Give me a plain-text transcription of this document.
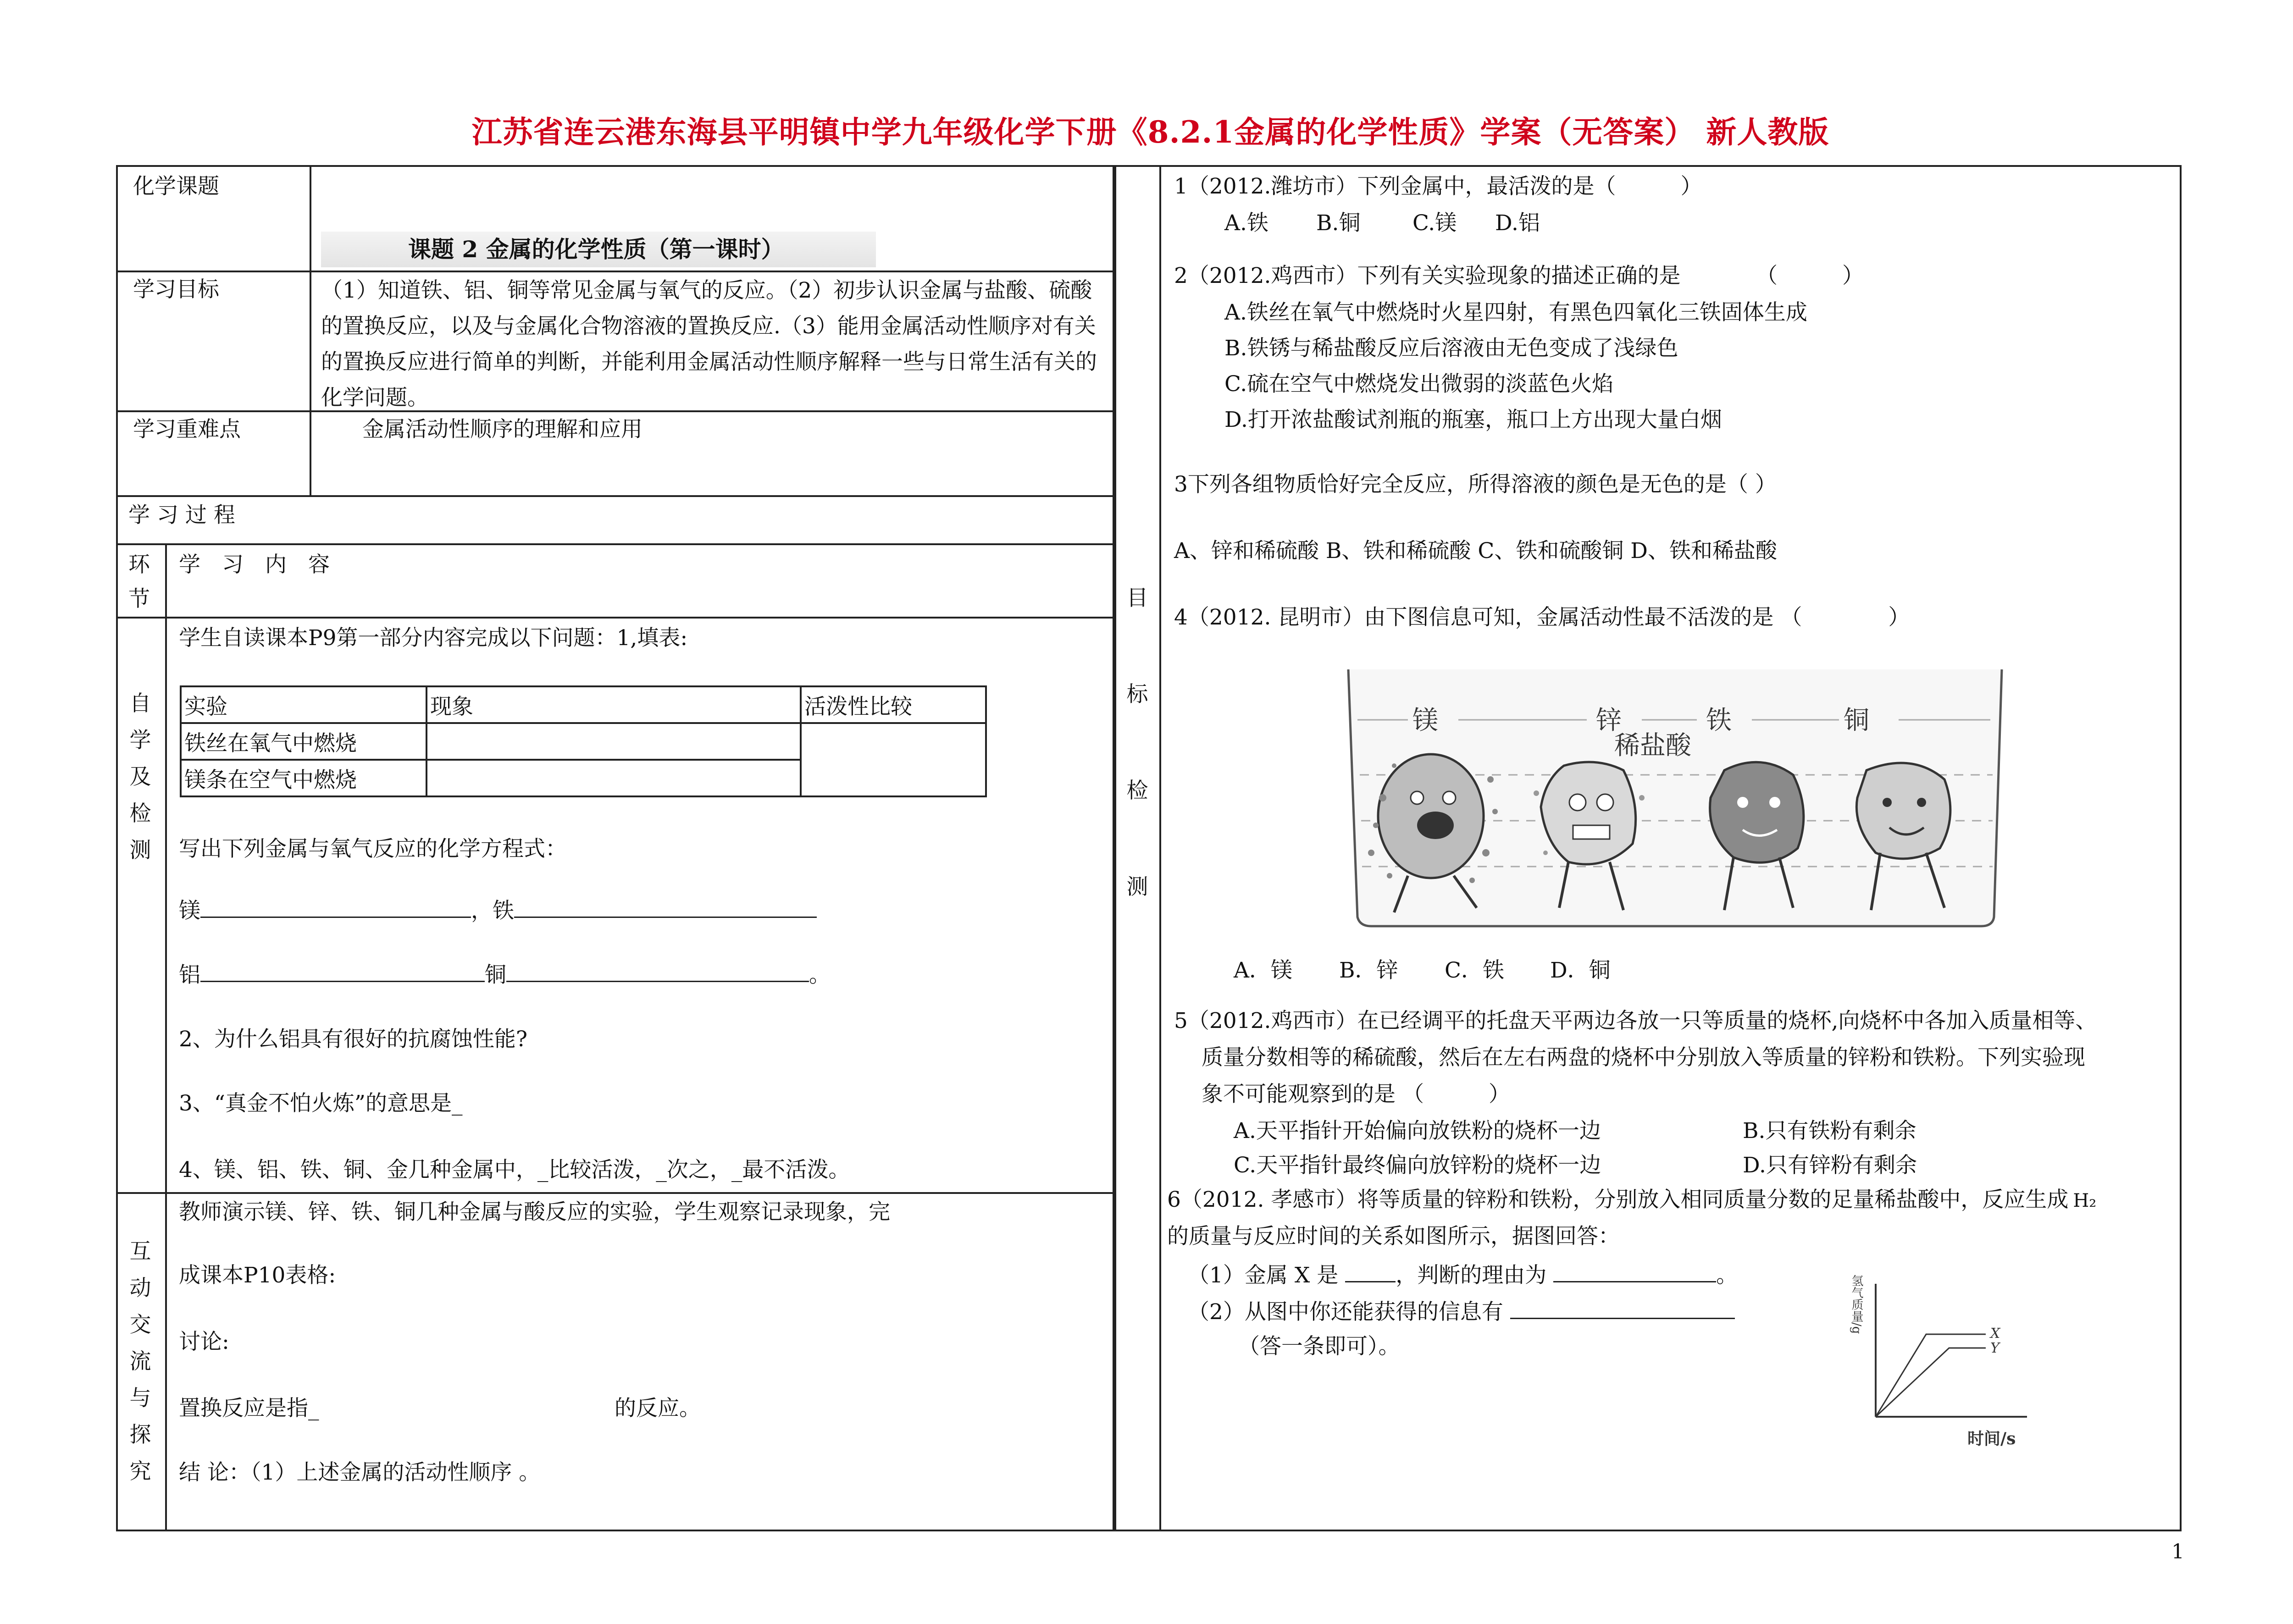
江苏省连云港东海县平明镇中学九年级化学下册《8.2.1金属的化学性质》学案（无答案） 新人教版
化学课题
课题 2 金属的化学性质（第一课时）
学习目标	（1）知道铁、铝、铜等常见金属与氧气的反应。（2）初步认识金属与盐酸、硫酸的置换反应，以及与金属化合物溶液的置换反应.（3）能用金属活动性顺序对有关的置换反应进行简单的判断，并能利用金属活动性顺序解释一些与日常生活有关的化学问题。
学习重难点	金属活动性顺序的理解和应用
学 习 过 程
环
节
学　习　内　容
自
学
及
检
测
学生自读课本P9第一部分内容完成以下问题：1,填表:
实验	现象	活泼性比较
铁丝在氧气中燃烧		
镁条在空气中燃烧		
写出下列金属与氧气反应的化学方程式：
镁	，铁
铝	铜	。
2、为什么铝具有很好的抗腐蚀性能?
3、“真金不怕火炼”的意思是_
4、镁、铝、铁、铜、金几种金属中，_比较活泼，_次之，_最不活泼。
互
动
交
流
与
探
究
教师演示镁、锌、铁、铜几种金属与酸反应的实验，学生观察记录现象，完
成课本P10表格:
讨论:
置换反应是指_	的反应。
结 论：（1）上述金属的活动性顺序 。
目
标
检
测
1（2012.潍坊市）下列金属中，最活泼的是（　　　）
A.铁 B.铜 C.镁 D.铝
2（2012.鸡西市）下列有关实验现象的描述正确的是　　　　（　　　）
A.铁丝在氧气中燃烧时火星四射，有黑色四氧化三铁固体生成
B.铁锈与稀盐酸反应后溶液由无色变成了浅绿色
C.硫在空气中燃烧发出微弱的淡蓝色火焰
D.打开浓盐酸试剂瓶的瓶塞，瓶口上方出现大量白烟
3下列各组物质恰好完全反应，所得溶液的颜色是无色的是（ ）
A、锌和稀硫酸 B、铁和稀硫酸 C、铁和硫酸铜 D、铁和稀盐酸
4（2012. 昆明市）由下图信息可知，金属活动性最不活泼的是 （　　　　）
镁	锌	铁	铜
稀盐酸
A．镁 B．锌 C．铁 D．铜
5（2012.鸡西市）在已经调平的托盘天平两边各放一只等质量的烧杯,向烧杯中各加入质量相等、
质量分数相等的稀硫酸，然后在左右两盘的烧杯中分别放入等质量的锌粉和铁粉。下列实验现
象不可能观察到的是 （　　　）
A.天平指针开始偏向放铁粉的烧杯一边	B.只有铁粉有剩余
C.天平指针最终偏向放锌粉的烧杯一边	D.只有锌粉有剩余
6（2012. 孝感市）将等质量的锌粉和铁粉，分别放入相同质量分数的足量稀盐酸中，反应生成 H₂
的质量与反应时间的关系如图所示，据图回答：
（1）金属 X 是	，判断的理由为	。
（2）从图中你还能获得的信息有
（答一条即可）。
氢气质量/g	X
Y
时间/s
1
